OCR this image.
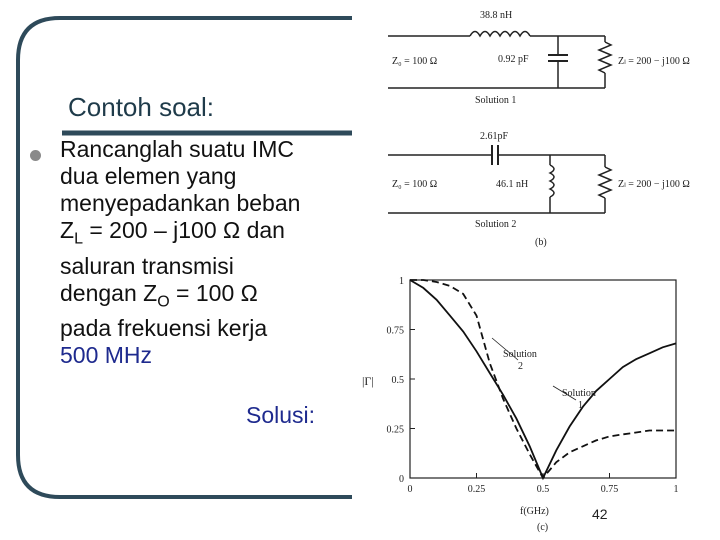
Contoh soal:
Rancanglah suatu IMC
dua elemen yang
menyepadankan beban
$Z_L = 200 - j100$ Ω dan
saluran transmisi
dengan $Z_O = 100$ Ω
pada frekuensi kerja
500 MHz
Solusi:
38.8 nH
0.92 pF
Z₀ = 100 Ω	Zₗ = 200 − j100 Ω
Solution 1
2.61pF
46.1 nH
Z₀ = 100 Ω	Zₗ = 200 − j100 Ω
Solution 2
(b)
0	0.25	0.5	0.75	1
0
0.25
0.5
0.75
1
|Γ|
f(GHz)
(c)
Solution
2
Solution
1
42
